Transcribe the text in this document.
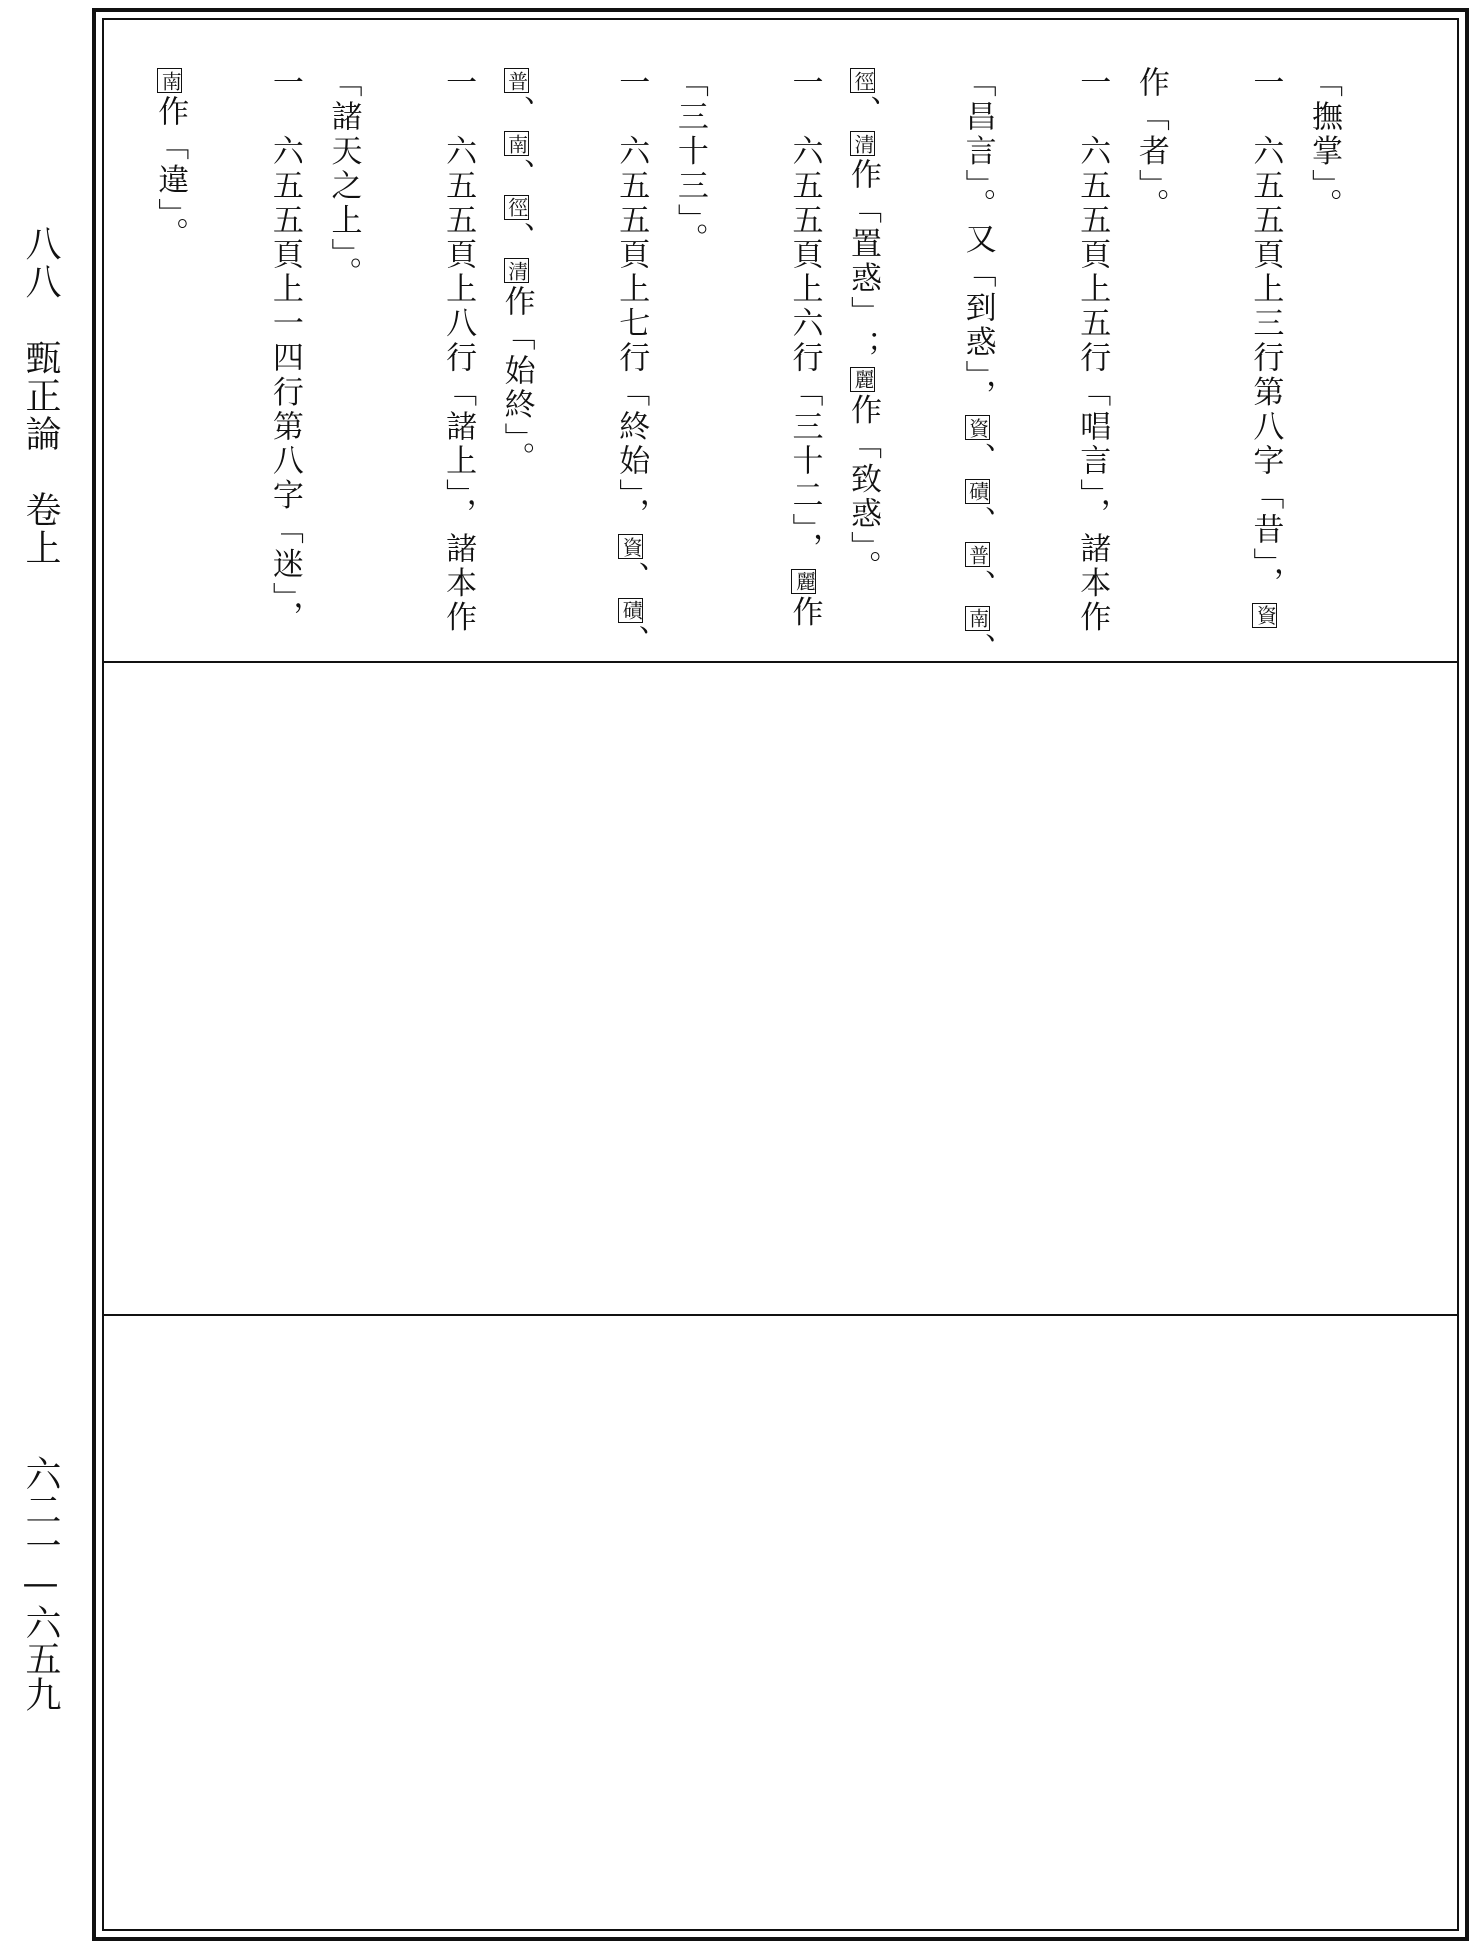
八八　甄正論　卷上
六二一—六五九
「撫掌」。
一　六五五頁上三行第八字「昔」，資
作「者」。
一　六五五頁上五行「唱言」，諸本作
「昌言」。又「到惑」，資、磧、普、南、
徑、清作「置惑」；麗作「致惑」。
一　六五五頁上六行「三十二」，麗作
「三十三」。
一　六五五頁上七行「終始」，資、磧、
普、南、徑、清作「始終」。
一　六五五頁上八行「諸上」，諸本作
「諸天之上」。
一　六五五頁上一四行第八字「迷」，
南作「違」。
